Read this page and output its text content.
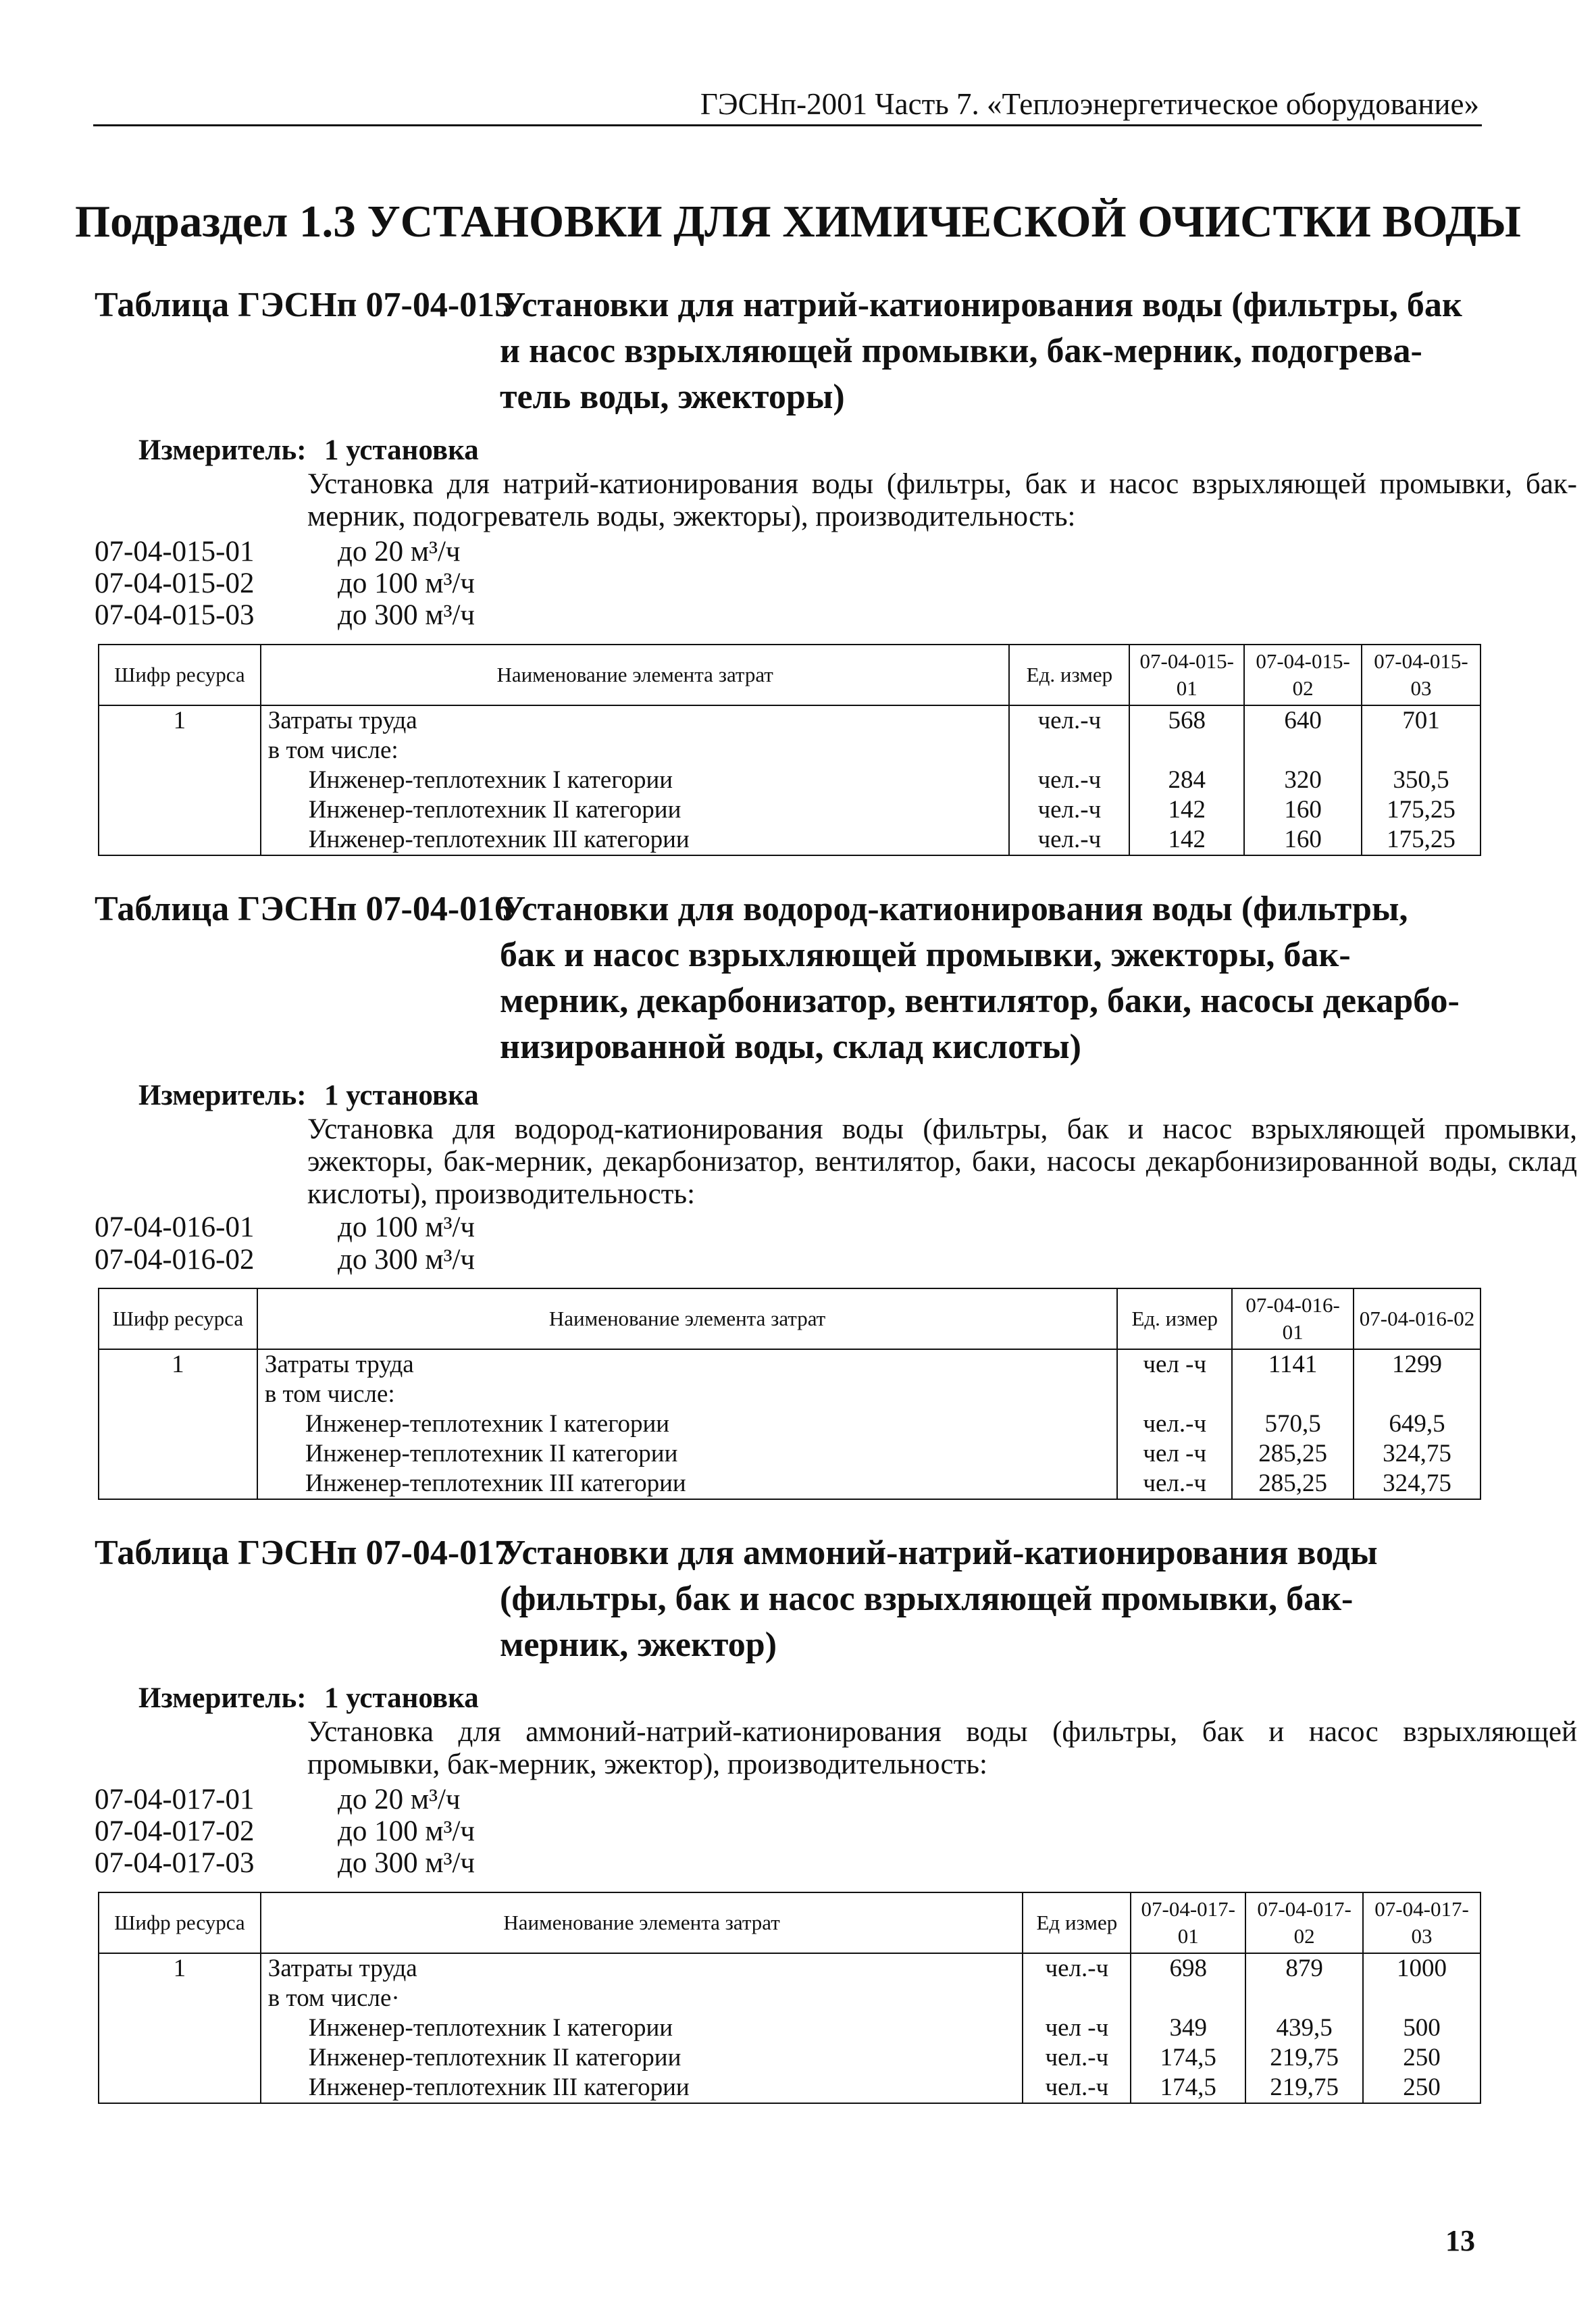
ГЭСНп-2001 Часть 7. «Теплоэнергетическое оборудование»
Подраздел 1.3 УСТАНОВКИ ДЛЯ ХИМИЧЕСКОЙ ОЧИСТКИ ВОДЫ
Таблица ГЭСНп 07-04-015
Установки для натрий-катионирования воды (фильтры, бак
и насос взрыхляющей промывки, бак-мерник, подогрева-
тель воды, эжекторы)
Измеритель: 1 установка
Установка для натрий-катионирования воды (фильтры, бак и насос взрыхляющей промывки, бак-мерник, подогреватель воды, эжекторы), производительность:
07-04-015-01	до 20 м³/ч
07-04-015-02	до 100 м³/ч
07-04-015-03	до 300 м³/ч
Шифр ресурса	Наименование элемента затрат	Ед. измер	07-04-015-01	07-04-015-02	07-04-015-03
1	Затраты труда	чел.-ч	568	640	701
	в том числе:				
	Инженер-теплотехник I категории	чел.-ч	284	320	350,5
	Инженер-теплотехник II категории	чел.-ч	142	160	175,25
	Инженер-теплотехник III категории	чел.-ч	142	160	175,25
Таблица ГЭСНп 07-04-016
Установки для водород-катионирования воды (фильтры,
бак и насос взрыхляющей промывки, эжекторы, бак-
мерник, декарбонизатор, вентилятор, баки, насосы декарбо-
низированной воды, склад кислоты)
Измеритель: 1 установка
Установка для водород-катионирования воды (фильтры, бак и насос взрыхляющей промывки, эжекторы, бак-мерник, декарбонизатор, вентилятор, баки, насосы декарбонизированной воды, склад кислоты), производительность:
07-04-016-01	до 100 м³/ч
07-04-016-02	до 300 м³/ч
Шифр ресурса	Наименование элемента затрат	Ед. измер	07-04-016-01	07-04-016-02
1	Затраты труда	чел -ч	1141	1299
	в том числе:			
	Инженер-теплотехник I категории	чел.-ч	570,5	649,5
	Инженер-теплотехник II категории	чел -ч	285,25	324,75
	Инженер-теплотехник III категории	чел.-ч	285,25	324,75
Таблица ГЭСНп 07-04-017
Установки для аммоний-натрий-катионирования воды
(фильтры, бак и насос взрыхляющей промывки, бак-
мерник, эжектор)
Измеритель: 1 установка
Установка для аммоний-натрий-катионирования воды (фильтры, бак и насос взрыхляющей промывки, бак-мерник, эжектор), производительность:
07-04-017-01	до 20 м³/ч
07-04-017-02	до 100 м³/ч
07-04-017-03	до 300 м³/ч
Шифр ресурса	Наименование элемента затрат	Ед измер	07-04-017-01	07-04-017-02	07-04-017-03
1	Затраты труда	чел.-ч	698	879	1000
	в том числе·				
	Инженер-теплотехник I категории	чел -ч	349	439,5	500
	Инженер-теплотехник II категории	чел.-ч	174,5	219,75	250
	Инженер-теплотехник III категории	чел.-ч	174,5	219,75	250
13
